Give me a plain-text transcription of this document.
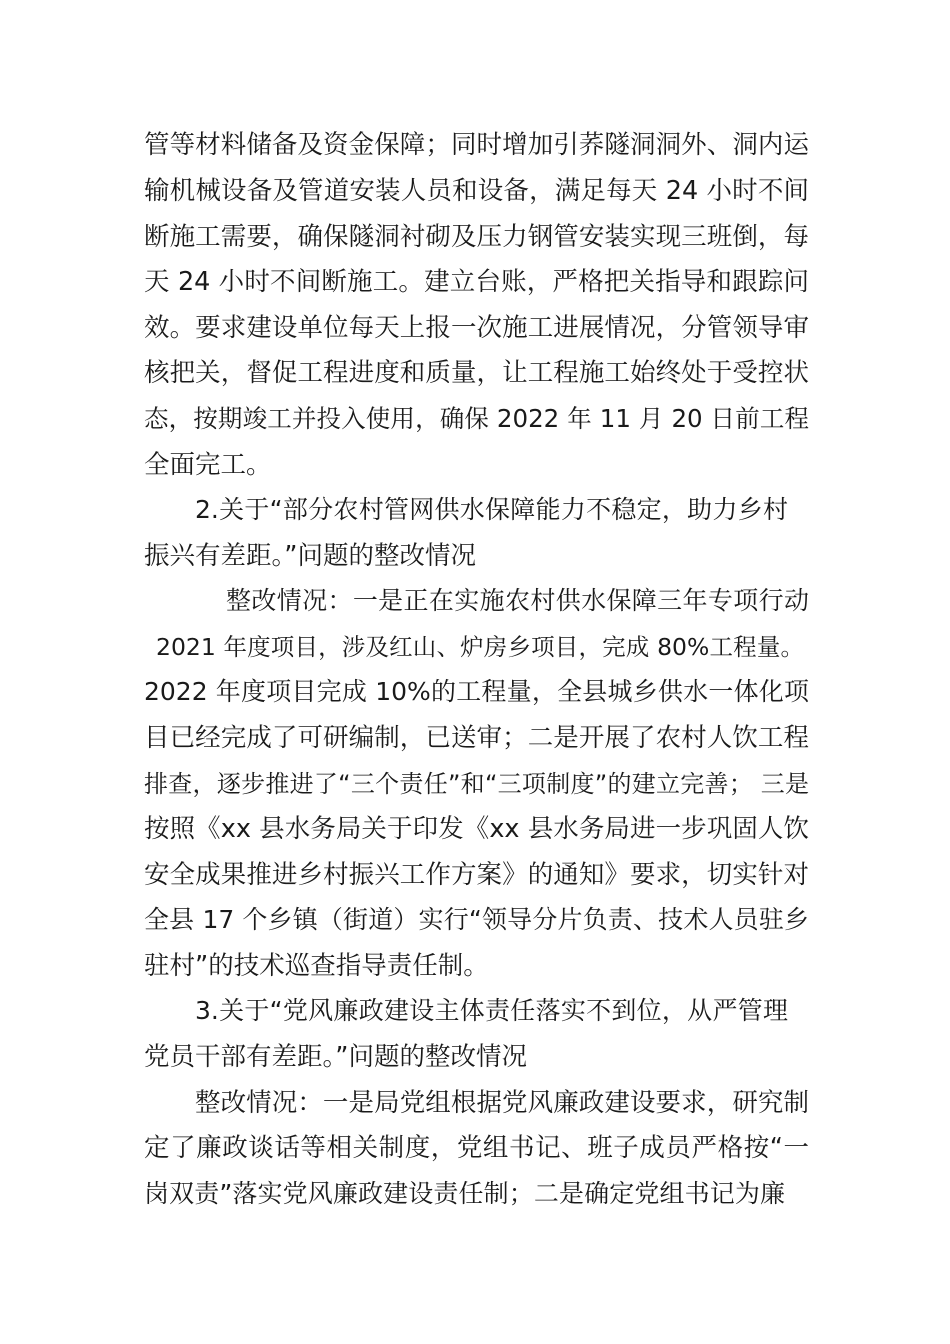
管等材料储备及资金保障；同时增加引荞隧洞洞外、洞内运
输机械设备及管道安装人员和设备，满足每天 24 小时不间
断施工需要，确保隧洞衬砌及压力钢管安装实现三班倒，每
天 24 小时不间断施工。建立台账，严格把关指导和跟踪问
效。要求建设单位每天上报一次施工进展情况，分管领导审
核把关，督促工程进度和质量，让工程施工始终处于受控状
态，按期竣工并投入使用，确保 2022 年 11 月 20 日前工程
全面完工。
2.关于“部分农村管网供水保障能力不稳定，助力乡村
振兴有差距。”问题的整改情况
整改情况：一是正在实施农村供水保障三年专项行动
2021 年度项目，涉及红山、炉房乡项目，完成 80%工程量。
2022 年度项目完成 10%的工程量，全县城乡供水一体化项
目已经完成了可研编制，已送审；二是开展了农村人饮工程
排查，逐步推进了“三个责任”和“三项制度”的建立完善； 三是
按照《xx 县水务局关于印发《xx 县水务局进一步巩固人饮
安全成果推进乡村振兴工作方案》的通知》要求，切实针对
全县 17 个乡镇（街道）实行“领导分片负责、技术人员驻乡
驻村”的技术巡查指导责任制。
3.关于“党风廉政建设主体责任落实不到位，从严管理
党员干部有差距。”问题的整改情况
整改情况：一是局党组根据党风廉政建设要求，研究制
定了廉政谈话等相关制度，党组书记、班子成员严格按“一
岗双责”落实党风廉政建设责任制；二是确定党组书记为廉
